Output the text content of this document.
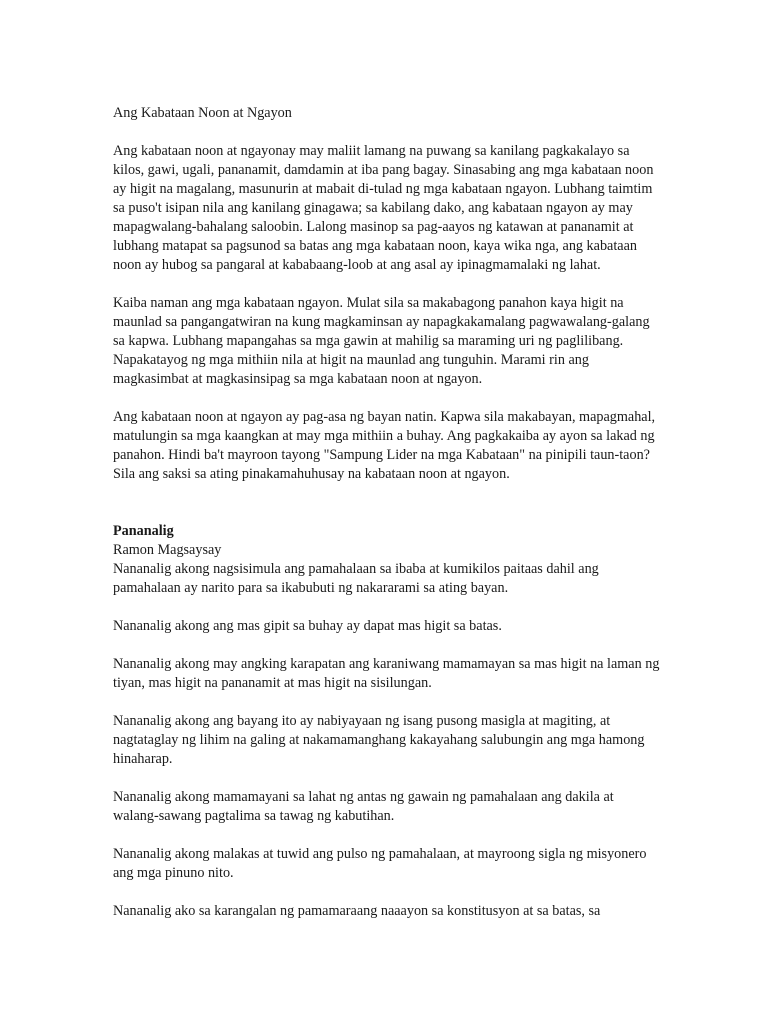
Ang Kabataan Noon at Ngayon

Ang kabataan noon at ngayonay may maliit lamang na puwang sa kanilang pagkakalayo sa kilos, gawi, ugali, pananamit, damdamin at iba pang bagay. Sinasabing ang mga kabataan noon ay higit na magalang, masunurin at mabait di-tulad ng mga kabataan ngayon. Lubhang taimtim sa puso't isipan nila ang kanilang ginagawa; sa kabilang dako, ang kabataan ngayon ay may mapagwalang-bahalang saloobin. Lalong masinop sa pag-aayos ng katawan at pananamit at lubhang matapat sa pagsunod sa batas ang mga kabataan noon, kaya wika nga, ang kabataan noon ay hubog sa pangaral at kababaang-loob at ang asal ay ipinagmamalaki ng lahat.

Kaiba naman ang mga kabataan ngayon. Mulat sila sa makabagong panahon kaya higit na maunlad sa pangangatwiran na kung magkaminsan ay napagkakamalang pagwawalang-galang sa kapwa. Lubhang mapangahas sa mga gawin at mahilig sa maraming uri ng paglilibang. Napakatayog ng mga mithiin nila at higit na maunlad ang tunguhin. Marami rin ang magkasimbat at magkasinsipag sa mga kabataan noon at ngayon.

Ang kabataan noon at ngayon ay pag-asa ng bayan natin. Kapwa sila makabayan, mapagmahal, matulungin sa mga kaangkan at may mga mithiin a buhay. Ang pagkakaiba ay ayon sa lakad ng panahon. Hindi ba't mayroon tayong "Sampung Lider na mga Kabataan" na pinipili taun-taon? Sila ang saksi sa ating pinakamahuhusay na kabataan noon at ngayon.

Pananalig

Ramon Magsaysay

Nananalig akong nagsisimula ang pamahalaan sa ibaba at kumikilos paitaas dahil ang pamahalaan ay narito para sa ikabubuti ng nakararami sa ating bayan.

Nananalig akong ang mas gipit sa buhay ay dapat mas higit sa batas.

Nananalig akong may angking karapatan ang karaniwang mamamayan sa mas higit na laman ng tiyan, mas higit na pananamit at mas higit na sisilungan.

Nananalig akong ang bayang ito ay nabiyayaan ng isang pusong masigla at magiting, at nagtataglay ng lihim na galing at nakamamanghang kakayahang salubungin ang mga hamong hinaharap.

Nananalig akong mamamayani sa lahat ng antas ng gawain ng pamahalaan ang dakila at walang-sawang pagtalima sa tawag ng kabutihan.

Nananalig akong malakas at tuwid ang pulso ng pamahalaan, at mayroong sigla ng misyonero ang mga pinuno nito.

Nananalig ako sa karangalan ng pamamaraang naaayon sa konstitusyon at sa batas, sa
